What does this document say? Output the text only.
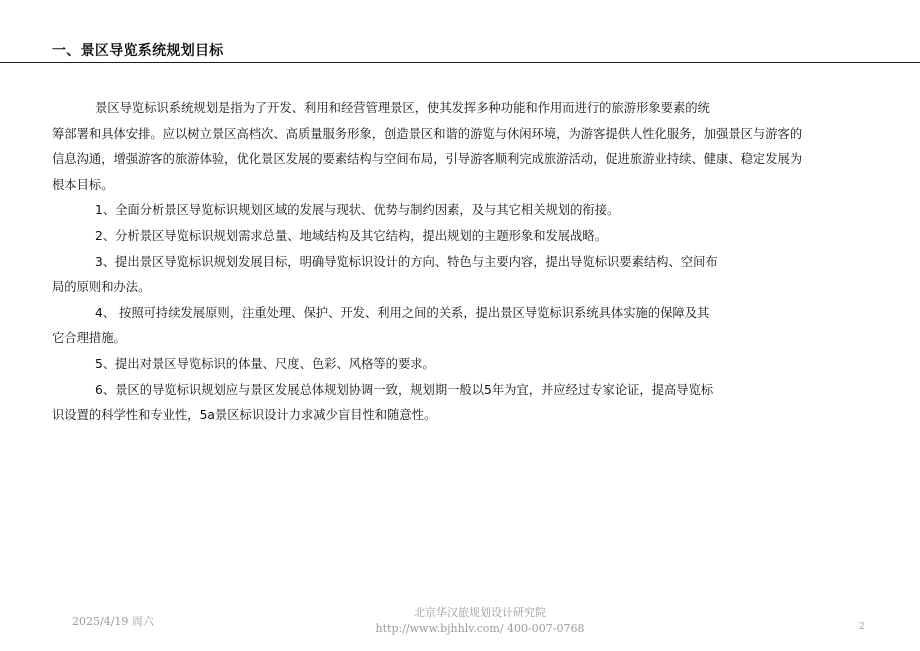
一、景区导览系统规划目标

景区导览标识系统规划是指为了开发、利用和经营管理景区，使其发挥多种功能和作用而进行的旅游形象要素的统

筹部署和具体安排。应以树立景区高档次、高质量服务形象，创造景区和谐的游览与休闲环境，为游客提供人性化服务，加强景区与游客的信息沟通，增强游客的旅游体验，优化景区发展的要素结构与空间布局，引导游客顺利完成旅游活动，促进旅游业持续、健康、稳定发展为根本目标。

1、全面分析景区导览标识规划区域的发展与现状、优势与制约因素，及与其它相关规划的衔接。

2、分析景区导览标识规划需求总量、地域结构及其它结构，提出规划的主题形象和发展战略。

3、提出景区导览标识规划发展目标，明确导览标识设计的方向、特色与主要内容，提出导览标识要素结构、空间布

局的原则和办法。

4、 按照可持续发展原则，注重处理、保护、开发、利用之间的关系，提出景区导览标识系统具体实施的保障及其

它合理措施。

5、提出对景区导览标识的体量、尺度、色彩、风格等的要求。

6、景区的导览标识规划应与景区发展总体规划协调一致，规划期一般以5年为宜，并应经过专家论证，提高导览标

识设置的科学性和专业性，5a景区标识设计力求减少盲目性和随意性。

2025/4/19 周六
北京华汉旅规划设计研究院
http://www.bjhhlv.com/ 400-007-0768	2
